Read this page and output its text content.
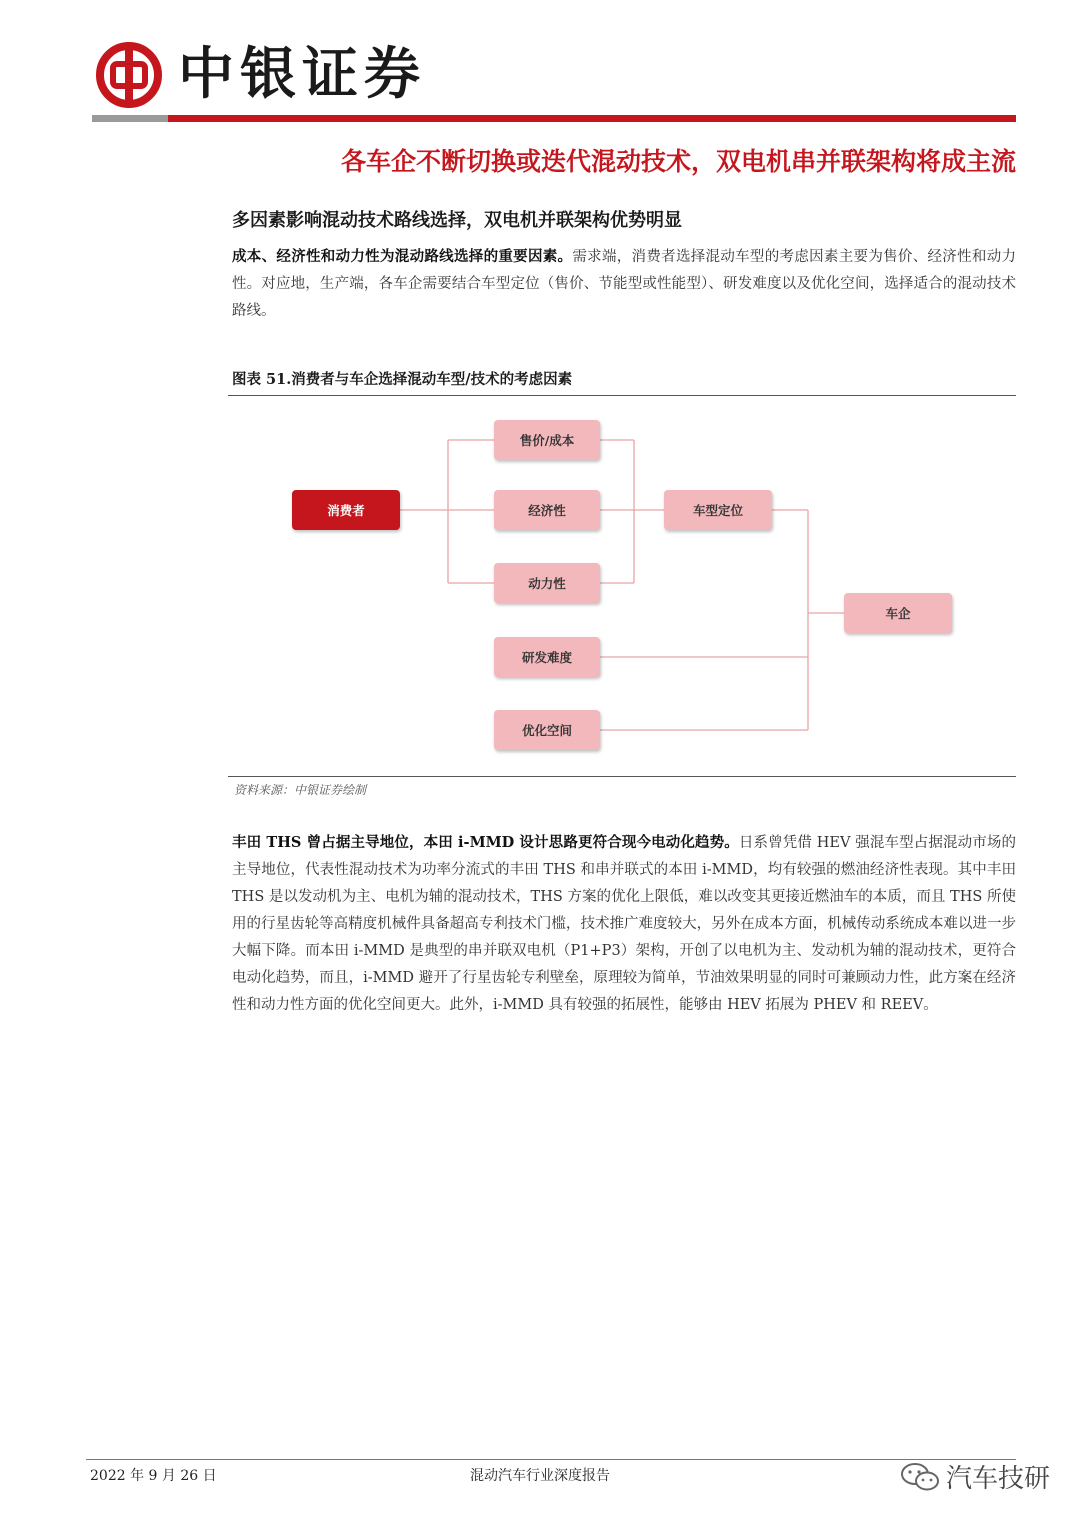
中银证券
各车企不断切换或迭代混动技术，双电机串并联架构将成主流
多因素影响混动技术路线选择，双电机并联架构优势明显
成本、经济性和动力性为混动路线选择的重要因素。需求端，消费者选择混动车型的考虑因素主要为售价、经济性和动力性。对应地，生产端，各车企需要结合车型定位（售价、节能型或性能型）、研发难度以及优化空间，选择适合的混动技术路线。
图表 51.消费者与车企选择混动车型/技术的考虑因素
消费者
售价/成本
经济性
动力性
研发难度
优化空间
车型定位
车企
资料来源：中银证券绘制
丰田 THS 曾占据主导地位，本田 i-MMD 设计思路更符合现今电动化趋势。日系曾凭借 HEV 强混车型占据混动市场的主导地位，代表性混动技术为功率分流式的丰田 THS 和串并联式的本田 i-MMD，均有较强的燃油经济性表现。其中丰田 THS 是以发动机为主、电机为辅的混动技术，THS 方案的优化上限低，难以改变其更接近燃油车的本质，而且 THS 所使用的行星齿轮等高精度机械件具备超高专利技术门槛，技术推广难度较大，另外在成本方面，机械传动系统成本难以进一步大幅下降。而本田 i-MMD 是典型的串并联双电机（P1+P3）架构，开创了以电机为主、发动机为辅的混动技术，更符合电动化趋势，而且，i-MMD 避开了行星齿轮专利壁垒，原理较为简单，节油效果明显的同时可兼顾动力性，此方案在经济性和动力性方面的优化空间更大。此外，i-MMD 具有较强的拓展性，能够由 HEV 拓展为 PHEV 和 REEV。
2022 年 9 月 26 日	混动汽车行业深度报告	汽车技研
